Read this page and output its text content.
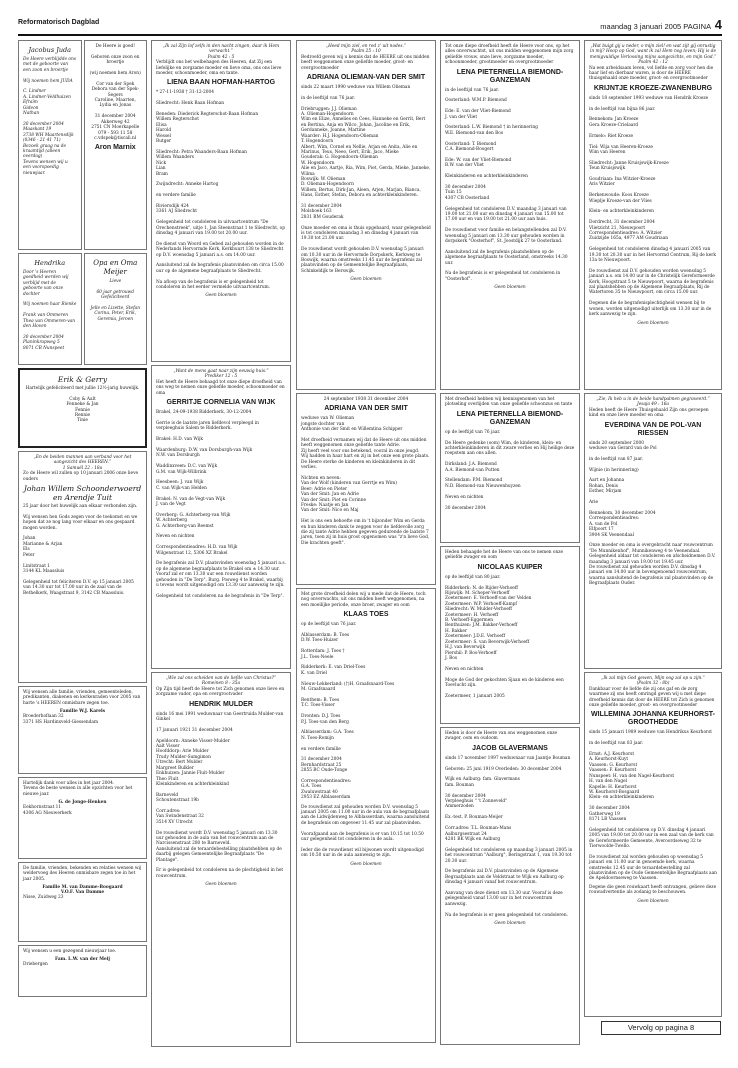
Reformatorisch Dagblad	maandag 3 januari 2005 PAGINA 4
Jacobus Juda

De Heere verblijdde ons met de geboorte van een zoon en broertje

Wij noemen hem JUDA

C. Lindner
A. Lindner-Veldhuizen
Efraïm
Gideon
Nathan

30 december 2004
Maaskant 19
3738 WH Maartensdijk
(0346 - 21 41 71)
Bezoek graag na de kraamtijd (alleen overdag)
Tevens wensen wij u een voorspoedig nieuwjaar.

De Heere is goed!

Geboren onze zoon en broertje

(wij noemen hem Aron)

Cor van der Spek
Debora van der Spek-Segers
Caroline, Maarten, Lydia en Jonas

31 december 2004
Akkerweg 42
2751 CN Moerkapelle
079 - 593 11 58
c.vdspek@tiscali.nl

Aron Marnix
Hendrika

Door 's Heeren goedheid werden wij verblijd met de geboorte van onze dochter

Wij noemen haar Rienke

Frank van Ommeren
Thea van Ommeren-van den Hoven

30 december 2004
Planinkrapweg 5
8071 CB Nunspeet

Opa en Oma Meijer

Lieve

60 jaar getrouwd
Gefeliciteerd

Jelle en Lizette, Stefan
Corina, Peter, Erik, Geremia, Jeroen

Erik & Gerry

Hartelijk gefeliciteerd met jullie 12½-jarig huwelijk.

Coby & Aalt
Fenneke & Jan
Fennie
Rennie
Tinie

„En de beiden mannen aan verband voor het aangezicht des HEEREN.”
1 Samuël 22 : 18a

Zo de Heere wil zullen op 10 januari 2006 onze lieve ouders

Johan Willem Schoonderwoerd en Arendje Tuit

25 jaar door het huwelijk aan elkaar verbonden zijn.

Wij wensen hen Gods zegen voor de toekomst en we hopen dat ze nog lang voor elkaar en ons gespaard mogen worden.

Johan
Marianne & Arjan
Els
Peter

Linitstraat 1
3144 KL Maassluis

Gelegenheid tot feliciteren D.V. op 15 januari 2005 van 14.30 uur tot 17.00 uur in de zaal van de Bethelkerk, Waagstraat 9, 3142 CB Maassluis.

Wij wensen alle familie, vrienden, gemeenteleden, predikanten, diakenen en kerkenraden voor 2005 van harte 's HEEREN onmisbare zegen toe.

Familie W.J. Karels

Broederhoflaan 32
3371 HS Hardinxveld-Giessendam

Hartelijk dank voor alles in het jaar 2004.
Tevens de beste wensen in alle opzichten voor het nieuwe jaar.

G. de Jonge-Henken

Eekhornstraat 11
4306 AG Nieuwerkerk

De familie, vrienden, bekenden en relaties wensen wij weldervoeg des Heeren onmisbare zegen toe in het jaar 2005.

Familie M. van Damme-Boogaard
V.O.F. Van Damme

Nisse, Zuidweg 23

Wij wensen u een gezegend nieuwjaar toe.

Fam. L.W. van der Meij

Driebergen

„Ik zal Zijn lof zelfs in den nacht zingen, daar ik Hem verwacht.”
Psalm 42 : 5

Verblijdt ons het welbehagen des Heeren, dat Zij een liefelijke en zorgzame moeder en lieve oma, ons ons lieve moeder, schoonmoeder, oma en tante.

LIENA BAAN HOFMAN-HARTOG

* 27-11-1938 † 31-12-2004

Sliedrecht: Henk Baan Hofman

Beneden: Diederick Regterschot-Baan Hofman
Willem Regterschot
Elisa
Harold
Wessel
Rutger

Sliedrecht: Petra Waanders-Baan Hofman
Willem Waanders
Nick
Lian
Bram

Zwijndrecht: Anneke Hartog

en verdere familie

Riviersdijk 424
3361 AJ Sliedrecht

Gelegenheid tot condoleren in uitvaartcentrum "De Orechenstreek", uitje 1, Jan Steenstraat 1 te Sliedrecht, op dinsdag 4 januari van 19.00 tot 20.00 uur.

De dienst van Woord en Gebed zal gehouden worden in de Nederlands Hervormde Kerk, Kerkbuurt 138 te Sliedrecht op D.V. woensdag 5 januari a.s. om 14.00 uur.

Aansluitend zal de begrafenis plaatsvinden om circa 15.00 uur op de algemene begraafplaats te Sliedrecht.

Na afloop van de begrafenis is er gelegenheid tot condoleren in het eerder vermelde uitvaartcentrum.

Geen bloemen

„Want de mens gaat naar zijn eeuwig huis.”
Prediker 12 : 5

Het heeft de Heere behaagd tot onze diepe droefheid van ons weg te nemen onze geliefde moeder, schoonmoeder en oma

GERRITJE CORNELIA VAN WIJK

Brakel, 24-09-1938 Ridderkerk, 30-12-2004

Gerrie is de laatste jaren liefdevol verpleegd in verpleeghuis Salem te Ridderkerk.

Brakel: H.D. van Wijk

Waardenburg: D.W. van Dorsburgh-van Wijk
N.W. van Dorsburgh

Waddinxveen: D.C. van Wijk
G.M. van Wijk-Wilbrink

Heesbeen: J. van Wijk
C. van Wijk-van Helden

Brakel: N. van de Vegt-van Wijk
J. van de Vegt

Overberg: G. Achterberg-van Wijk
W. Achterberg
G. Achterberg-van Reemst

Neven en nichten

Correspondentieadres: H.D. van Wijk
Wilgenstraat 12, 5306 XZ Brakel

De begrafenis zal D.V. plaatsvinden woensdag 5 januari a.s. op de algemene begraafplaats te Brakel om ± 14.30 uur. Vooraf zal er om 13.30 uur een rouwdienst worden gehouden in "De Terp", Burg. Posweg 4 te Brakel, waarbij u tevens wordt uitgenodigd om 13.30 uur aanwezig te zijn.

Gelegenheid tot condoleren na de begrafenis in "De Terp".

„Wie zal ons scheiden van de liefde van Christus?”
Romeinen 8 : 35a

Op Zijn tijd heeft de Heere tot Zich genomen onze lieve en zorgzame vader, opa en overgrootvader

HENDRIK MULDER

sinds 16 mei 1991 weduwnaar van Geertruida Mulder-van Ginkel

17 januari 1921 31 december 2004

Apeldoorn: Anneke Visser-Mulder
Aalt Visser
Hoofddorp: Arie Mulder
Trudy Mulder-Sumgimon
Utrecht: Bert Mulder
Margreet Bulkler
Enkhuizen: Jannie Fluit-Mulder
Theo Fluit
Kleinkinderen en achterkleinkind

Barneveld
Schoutenstraat 19b

Corr.adres:
Van Swindenstraat 32
3514 XV Utrecht

De rouwdienst wordt D.V. woensdag 5 januari om 13.30 uur gehouden in de aula van het rouwcentrum aan de Narcissenstraat 280 te Barneveld.
Aansluitend zal de teraardebestelling plaatshebben op de daarbij gelegen Gemeentelijke Begraafplaats "De Plantage".

Er is gelegenheid tot condoleren na de plechtigheid in het rouwcentrum.

Geen bloemen

„Heed mijn ziel, en red z' uit nodes.”
Psalm 25 : 10

Bedroefd geven wij u kennis dat de HEERE uit ons midden heeft weggenomen onze geliefde moeder, groot- en overgrootmoeder

ADRIANA OLIEMAN-VAN DER SMIT

sinds 22 maart 1990 weduwe van Willem Olieman

in de leeftijd van 76 jaar.

Driebruggen: J.J. Olieman
A. Olieman-Hogendoorn
Wim en Elize, Annelies en Cees, Hanneke en Gerrit, Bert en Bertina, Anja en Wilco, Johan, Jacoline en Erik, Gerdanneke, Joanne, Martine
Waarder: H.J. Hogendoorn-Olieman
T. Hogendoorn
Albert, Wim, Cornel en Nellie, Arjan en Anita, Alie en Marinus, Teus, Neeo, Gert, Erik, Jaco, Mieke
Gouderak: G. Hogendoorn-Olieman
W. Hogendoorn
Alie en Jaco, Aartje, Ria, Wim, Piet, Gerda, Mieke, Janneke, Wilma
Boswijk: W. Olieman
D. Olieman-Hogendoorn
Willem, Bertus, Dirk-Jan, Aleen, Arjen, Marjan, Bianca, Hans, Esther, Stefan, Debora en achterkleinkinderen.

31 december 2004
Molshoek 163
2831 BM Gouderak

Onze moeder en oma is thuis opgebaard, waar gelegenheid is tot condoleren maandag 3 en dinsdag 4 januari van 19.30 tot 21.00 uur.

De rouwdienst wordt gehouden D.V. woensdag 5 januari om 10.30 uur in de Hervormde Dorpskerk, Kerkweg te Boswijk, waarna omstreeks 11.45 uur de begrafenis zal plaatsvinden op de Gemeentelijke Begraafplaats, Schinkeldijk te Berswijk.

Geen bloemen

24 september 1938 31 december 2004

ADRIANA VAN DER SMIT

weduwe van W. Olieman
jongste dochter van
Anthonie van der Smit en Willemtina Schipper

Met droefheid vernamen wij dat de Heere uit ons midden heeft weggenomen onze geliefde tante Adrie.
Zij heeft veel voor ons betekend, vooral in onze jeugd.
Wij hadden in haar hart en zij in het onze een grote plaats.
De Heere sterke de kinderen en kleinkinderen in dit verlies.

Nichten en neven:
Van der Wolf (kinderen van Gerrtje en Wim)
Beer: Adrie en Pieter
Van der Smit: Jan en Adrie
Van der Smit: Piet en Corinne
Freske: Naatje en Jan
Van der Smit: Nico en Maj

Het is ons een behoefte om in 't bijzonder Wim en Gerda en hun kinderen dank te zeggen voor de liefdevolle zorg die zij tante Adrie hebben gegeven gedurende de laatste 7 jaren, toen zij in huis groot opgenomen was "z'n lieve God, Die krachten geeft".

Met grote droefheid delen wij u mede dat de Heere, toch nog onverwachts, uit ons midden heeft weggenomen, na een moeilijke periode, onze broer, zwager en oom

KLAAS TOES

op de leeftijd van 76 jaar.

Alblasserdam: B. Toes
D.W. Toes-Huizer

Rotterdam: J. Toes †
J.L. Toes-Neele

Ridderkerk: E. van Driel-Toes
K. van Driel

Nieuw-Lekkerland: (†)H. Graafsnaard-Toes
M. Graafsnaard

Benthem: B. Toes
T.C. Toes-Visser

Dronten: D.J. Toes
P.J. Toes-van den Berg

Alblasserdam: G.A. Toes
N. Toes-Romijn

en verdere familie

31 december 2004
Bernhardstraat 25
2855 BC Oude-Tonge

Correspondentieadres:
G.A. Toes
Zwaluwstraat 40
2953 EZ Alblasserdam

De rouwdienst zal gehouden worden D.V. woensdag 5 januari 2005 om 11.00 uur in de aula van de begraafplaats aan de Lidwijdenweg te Alblasserdam, waarna aansluitend de begrafenis om ongeveer 11.45 uur zal plaatsvinden.

Voorafgaand aan de begrafenis is er van 10.15 tot 10.50 uur gelegenheid tot condoleren in de aula.

Ieder die de rouwdienst wil bijwonen wordt uitgenodigd om 10.50 uur in de aula aanwezig te zijn.

Geen bloemen

Tot onze diepe droefheid heeft de Heere voor ons, op het alles onverwachtst, uit ons midden weggenomen mijn zorg geliefde vrouw, onze lieve, zorgzame moeder, schoonmoeder, grootmoeder en overgrootmoeder

LENA PIETERNELLA BIEMOND-GANZEMAN

in de leeftijd van 76 jaar.

Oosterland: W.M.P. Biemond

Ede: E. van der Vliet-Biemond
J. van der Vliet

Oosterland: L.W. Biemond † in herinnering
W.E. Biemond-van den Bos

Oosterland: T. Biemond
C.A. Biemond-Boogert

Ede: W. van der Vliet-Biemond
B.W. van der Vliet

Kleinkinderen en achterkleinkinderen

30 december 2004
Tuin 15
4307 CB Oosterland

Gelegenheid tot condoleren D.V. maandag 3 januari van 19.00 tot 21.00 uur en dinsdag 4 januari van 15.00 tot 17.00 uur en van 19.00 tot 21.00 uur aan huis.

De rouwdienst voor familie en belangstellenden zal D.V. woensdag 5 januari om 13.30 uur gehouden worden in dorpskerk "Oosterhof", St. Joostdijk 27 te Oosterland.

Aansluitend zal de begrafenis plaatshebben op de algemene begraafplaats te Oosterland, omstreeks 14.30 uur.

Na de begrafenis is er gelegenheid tot condoleren in "Oosterhof".

Geen bloemen

Met droefheid hebben wij kennisgenomen van het plotseling overlijden van onze geliefde schoonzus en tante

LENA PIETERNELLA BIEMOND-GANZEMAN

op de leeftijd van 76 jaar.

De Heere gedenke (oom) Wim, de kinderen, klein- en achterkleinkinderen in dit zware verlies en Hij heilige deze roepstem aan ons allen.

Dirksland: J.A. Biemond
A.A. Biemond-van Putten

Stellendam: P.M. Biemond
N.D. Biemond-van Nieuwenhuyzen

Neven en nichten

30 december 2004

Heden behaagde het de Heere van ons te nemen onze geliefde zwager en oom

NICOLAAS KUIPER

op de leeftijd van 80 jaar.

Ridderkerk: N. de Rijder-Verhoeff
Rijswijk: M. Scheper-Verhoeff
Zoetermeer: E. Verhoeff-van der Velden
Zoetermeer: W.P. Verhoeff-Kampf
Sliedrecht: W. Mulder-Verhoeff
Zoetermeer: H. Verhoeff
B. Verhoeff-Eggermen
Benthuizen: J.M. Bakker-Verhoeff
H. Bakker
Zoetermeer: J.D.E. Verhoeff
Zoetermeer: S. van Beverwijk-Verhoeff
H.J. van Beverwijk
Piershil: P. Bos-Verhoeff
J. Bos

Neven en nichten

Moge de God der gekochten Sjaan en de kinderen een Toevlucht zijn.

Zoetermeer, 1 januari 2005

Heden is door de Heere van ons weggenomen onze zwager, oom en oudoom

JACOB GLAVERMANS

sinds 17 november 1997 weduwnaar van Jaantje Bouman

Geboren: 25 juni 1919 Overleden: 30 december 2004

Wijk en Aalburg: fam. Glavermans
fam. Bouman

30 december 2004
Verpleeghuis " 't Zonneveld"
Ammerzoden

Ex.-test. P. Bouman-Meijer

Corr.adres: T.L. Bouman-Mans
Aalburgsestraat 24
4281 BK Wijk en Aalburg

Gelegenheid tot condoleren op maandag 3 januari 2005 in het rouwcentrum "Aalburg", Beringstraat 1, van 19.30 tot 20.30 uur.

De begrafenis zal D.V. plaatsvinden op de Algemene Begraafplaats aan de Veldstraat te Wijk en Aalburg op dinsdag 4 januari vanaf het rouwcentrum.

Aanvang van deze dienst om 13.30 uur. Vooraf is deze gelegenheid vanaf 13.00 uur in het rouwcentrum aanwezig.

Na de begrafenis is er geen gelegenheid tot condoleren.

Geen bloemen

„Wat buigt gij u neder, o mijn ziel! en wat zijt gij onrustig in mij? Hoop op God, want ik zal Hem nog loven; Hij is de menigvuldige Verlossing mijns aangezichts, en mijn God.”
Psalm 42 : 12

Na een arbeidsaam leven, vol liefde en zorg voor hen die haar lief en dierbaar waren, is door de HEERE thuisgehaald onze moeder, groot- en overgrootmoeder

KRIJNTJE KROEZE-ZWANENBURG

sinds 18 september 1993 weduwe van Hendrik Kroeze

in de leeftijd van bijna 86 jaar.

Bennekom: Jan Kroeze
Gera Kroeze-Crielaard

Ermelo: Riet Kroeze

Tiel: Wija van Heeren-Kroeze
Wim van Heeren

Sliedrecht: Janne Kruisjswijk-Kroeze
Teun Kruisjswijk

Goudriaan: Ina Witzier-Kroeze
Aris Witzier

Berkenwoude: Koos Kroeze
Wieplje Kroeze-van der Vlies

Klein- en achterkleinkinderen

Dordrecht, 31 december 2004
Vlietzicht 21, Nieuwpoort
Correspondentieadres: A. Witzier
Zuidzijde 165a, 4977 AM Goudriaan

Gelegenheid tot condoleren dinsdag 4 januari 2005 van 19.30 tot 20.30 uur in het Hervormd Centrum, Rij de kerk 13a te Nieuwpoort.

De rouwdienst zal D.V. gehouden worden woensdag 5 januari a.s. om 14.00 uur in de Christelijk Gereformeerde Kerk, Hoogstraat 5 te Nieuwpoort, waarna de begrafenis zal plaatshebben op de Algemene Begraafplaats, Rij de Watertoren 35 te Nieuwpoort, om circa 15.00 uur.

Degenen die de begrafenisplechtigheid wensen bij te wonen, worden uitgenodigd uiterlijk om 13.30 uur in de kerk aanwezig te zijn.

Geen bloemen

„Zie, Ik heb u in de beide handpalmen gegraveerd.”
Jesaja 49 : 16a

Heden heeft de Heere Thuisgehaald Zijn ons geroepen kind en onze lieve moeder en oma

EVERDINA VAN DE POL-VAN RIESSEN

sinds 20 september 2000
weduwe van Gerard van de Pol

in de leeftijd van 87 jaar.

Wijnie (in herinnering)

Aart en Johanna
Rohan, Denis
Esther, Mirjam

Arie

Bennekom, 30 december 2004
Correspondentieadres:
A. van de Pol
Elfpoort 17
3904 SK Veenendaal

Onze moeder en oma is overgebracht naar rouwcentrum "De Munnikenhof", Munnikenweg 4 te Veenendaal.
Gelegenheid aldaar tot condoleren en afscheidnemen D.V. maandag 3 januari van 19.00 tot 19.45 uur.
De rouwdienst zal gehouden worden D.V. dinsdag 4 januari om 14.00 uur in bovengenoemd rouwcentrum, waarna aansluitend de begrafenis zal plaatsvinden op de Begraafplaats Ouder.

„Ik zal mijn God gewen, Mijn oog zal op u zijn.”
(Psalm 32 : 8b)

Dankbaar voor de liefde die zij ons gaf en de zorg waarmee zij ons heeft omringd geven wij u met diepe droefheid kennis dat door de HEERE tot Zich is genomen onze geliefde moeder, groot- en overgrootmoeder

WILLEMINA JOHANNA KEURHORST-GROOTHEDDE

sinds 15 januari 1989 weduwe van Hendrikus Keurhorst

in de leeftijd van 83 jaar.

Ernst: A.J. Keurhorst
A. Keurhorst-Kuyt
Vaassen: G. Keurhorst
Vaassen: F. Keurhorst
Nunspeet: H. van den Nagel-Keurhorst
H. van den Nagel
Kapelle: H. Keurhorst
W. Keurhorst-Bosgaard
Klein- en achterkleinkinderen

30 december 2004
Gatherweg 19
8171 LB Vaassen

Gelegenheid tot condoleren op D.V. dinsdag 4 januari 2005 van 19.00 tot 20.00 uur in een zaal van de kerk van de Gereformeerde Gemeente, Averoordseweg 32 te Tierwoolde-Twello.

De rouwdienst zal worden gehouden op woensdag 5 januari om 11.00 uur in genoemde kerk, waarna omstreeks 12.45 uur de teraardebestelling zal plaatsvinden op de Oude Gemeentelijke Begraafplaats aan de Apeldoornseweg te Vaassen.

Degene die geen rouwkaart heeft ontvangen, gelieve deze rouwadvertentie als zodanig te beschouwen.

Geen bloemen
Vervolg op pagina 8
